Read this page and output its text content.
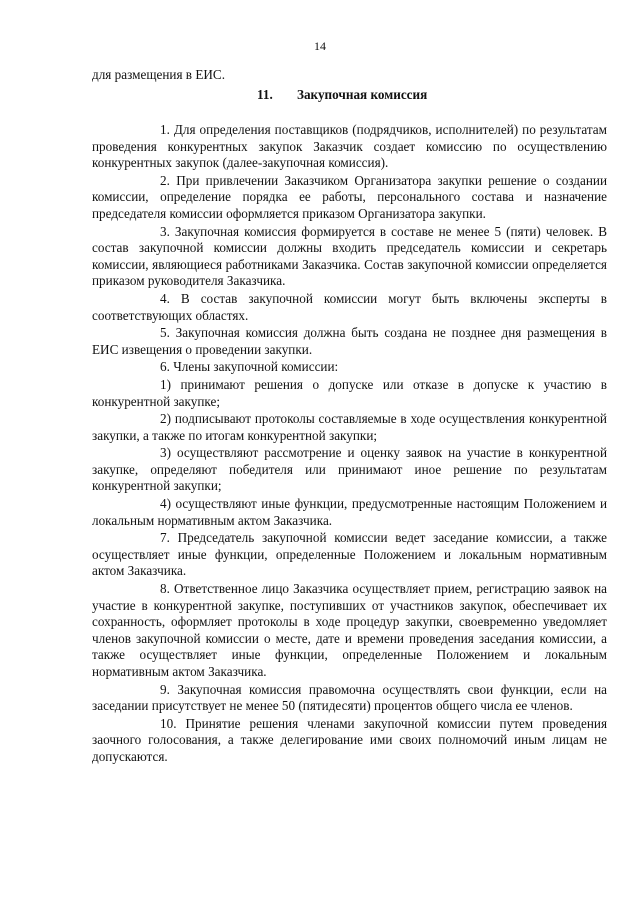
14
для размещения в ЕИС.
11. Закупочная комиссия

1. Для определения поставщиков (подрядчиков, исполнителей) по результатам проведения конкурентных закупок Заказчик создает комиссию по осуществлению конкурентных закупок (далее-закупочная комиссия).

2. При привлечении Заказчиком Организатора закупки решение о создании комиссии, определение порядка ее работы, персонального состава и назначение председателя комиссии оформляется приказом Организатора закупки.

3. Закупочная комиссия формируется в составе не менее 5 (пяти) человек. В состав закупочной комиссии должны входить председатель комиссии и секретарь комиссии, являющиеся работниками Заказчика. Состав закупочной комиссии определяется приказом руководителя Заказчика.

4. В состав закупочной комиссии могут быть включены эксперты в соответствующих областях.

5. Закупочная комиссия должна быть создана не позднее дня размещения в ЕИС извещения о проведении закупки.

6. Члены закупочной комиссии:

1) принимают решения о допуске или отказе в допуске к участию в конкурентной закупке;

2) подписывают протоколы составляемые в ходе осуществления конкурентной закупки, а также по итогам конкурентной закупки;

3) осуществляют рассмотрение и оценку заявок на участие в конкурентной закупке, определяют победителя или принимают иное решение по результатам конкурентной закупки;

4) осуществляют иные функции, предусмотренные настоящим Положением и локальным нормативным актом Заказчика.

7. Председатель закупочной комиссии ведет заседание комиссии, а также осуществляет иные функции, определенные Положением и локальным нормативным актом Заказчика.

8. Ответственное лицо Заказчика осуществляет прием, регистрацию заявок на участие в конкурентной закупке, поступивших от участников закупок, обеспечивает их сохранность, оформляет протоколы в ходе процедур закупки, своевременно уведомляет членов закупочной комиссии о месте, дате и времени проведения заседания комиссии, а также осуществляет иные функции, определенные Положением и локальным нормативным актом Заказчика.

9. Закупочная комиссия правомочна осуществлять свои функции, если на заседании присутствует не менее 50 (пятидесяти) процентов общего числа ее членов.

10. Принятие решения членами закупочной комиссии путем проведения заочного голосования, а также делегирование ими своих полномочий иным лицам не допускаются.
